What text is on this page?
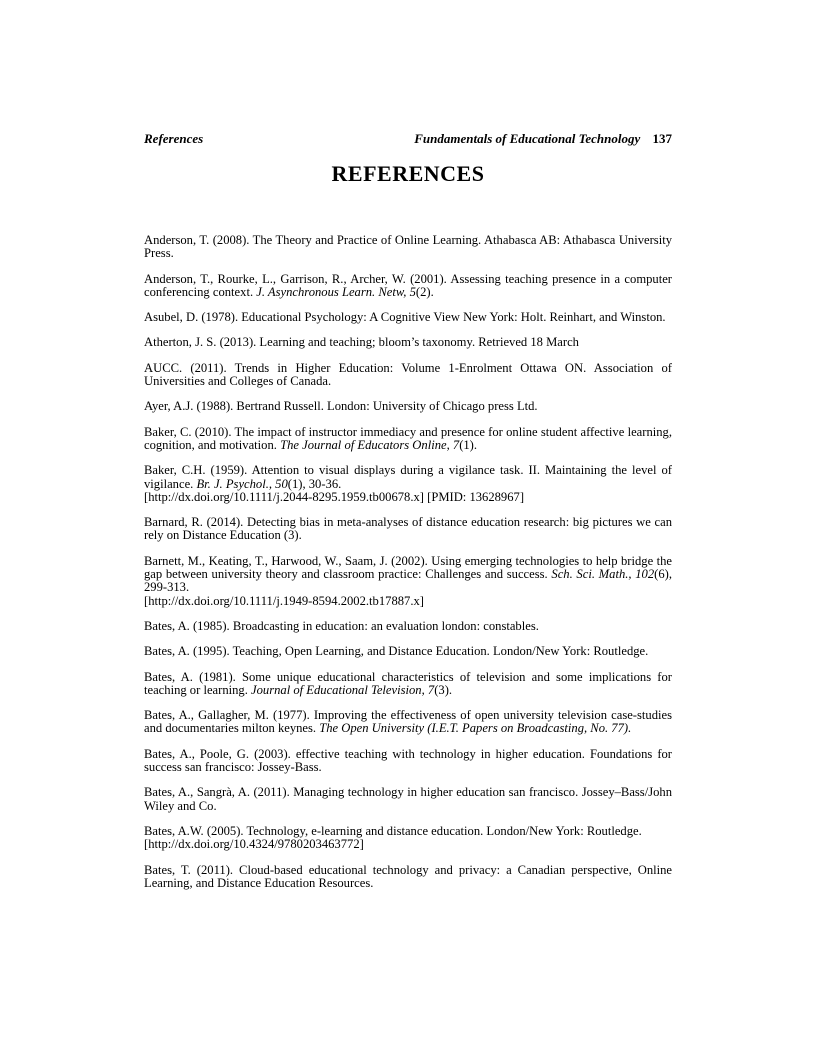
References	Fundamentals of Educational Technology 137
REFERENCES

Anderson, T. (2008). The Theory and Practice of Online Learning. Athabasca AB: Athabasca University Press.

Anderson, T., Rourke, L., Garrison, R., Archer, W. (2001). Assessing teaching presence in a computer conferencing context. J. Asynchronous Learn. Netw, 5(2).

Asubel, D. (1978). Educational Psychology: A Cognitive View New York: Holt. Reinhart, and Winston.

Atherton, J. S. (2013). Learning and teaching; bloom’s taxonomy. Retrieved 18 March

AUCC. (2011). Trends in Higher Education: Volume 1-Enrolment Ottawa ON. Association of Universities and Colleges of Canada.

Ayer, A.J. (1988). Bertrand Russell. London: University of Chicago press Ltd.

Baker, C. (2010). The impact of instructor immediacy and presence for online student affective learning, cognition, and motivation. The Journal of Educators Online, 7(1).

Baker, C.H. (1959). Attention to visual displays during a vigilance task. II. Maintaining the level of vigilance. Br. J. Psychol., 50(1), 30-36.
[http://dx.doi.org/10.1111/j.2044-8295.1959.tb00678.x] [PMID: 13628967]

Barnard, R. (2014). Detecting bias in meta-analyses of distance education research: big pictures we can rely on Distance Education (3).

Barnett, M., Keating, T., Harwood, W., Saam, J. (2002). Using emerging technologies to help bridge the gap between university theory and classroom practice: Challenges and success. Sch. Sci. Math., 102(6), 299-313.
[http://dx.doi.org/10.1111/j.1949-8594.2002.tb17887.x]

Bates, A. (1985). Broadcasting in education: an evaluation london: constables.

Bates, A. (1995). Teaching, Open Learning, and Distance Education. London/New York: Routledge.

Bates, A. (1981). Some unique educational characteristics of television and some implications for teaching or learning. Journal of Educational Television, 7(3).

Bates, A., Gallagher, M. (1977). Improving the effectiveness of open university television case-studies and documentaries milton keynes. The Open University (I.E.T. Papers on Broadcasting, No. 77).

Bates, A., Poole, G. (2003). effective teaching with technology in higher education. Foundations for success san francisco: Jossey-Bass.

Bates, A., Sangrà, A. (2011). Managing technology in higher education san francisco. Jossey–Bass/John Wiley and Co.

Bates, A.W. (2005). Technology, e-learning and distance education. London/New York: Routledge.
[http://dx.doi.org/10.4324/9780203463772]

Bates, T. (2011). Cloud-based educational technology and privacy: a Canadian perspective, Online Learning, and Distance Education Resources.
